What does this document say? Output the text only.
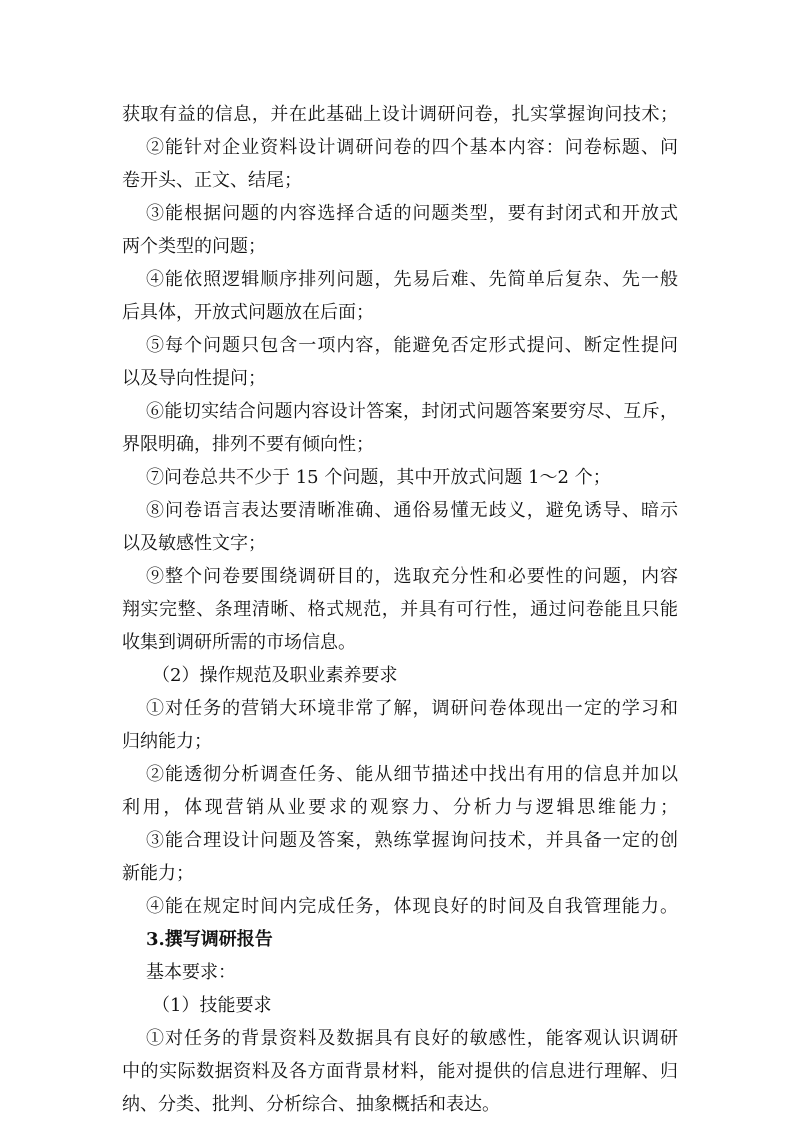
获取有益的信息，并在此基础上设计调研问卷，扎实掌握询问技术；
②能针对企业资料设计调研问卷的四个基本内容：问卷标题、问
卷开头、正文、结尾；
③能根据问题的内容选择合适的问题类型，要有封闭式和开放式
两个类型的问题；
④能依照逻辑顺序排列问题，先易后难、先简单后复杂、先一般
后具体，开放式问题放在后面；
⑤每个问题只包含一项内容，能避免否定形式提问、断定性提问
以及导向性提问；
⑥能切实结合问题内容设计答案，封闭式问题答案要穷尽、互斥，
界限明确，排列不要有倾向性；
⑦问卷总共不少于 15 个问题，其中开放式问题 1～2 个；
⑧问卷语言表达要清晰准确、通俗易懂无歧义，避免诱导、暗示
以及敏感性文字；
⑨整个问卷要围绕调研目的，选取充分性和必要性的问题，内容
翔实完整、条理清晰、格式规范，并具有可行性，通过问卷能且只能
收集到调研所需的市场信息。
（2）操作规范及职业素养要求
①对任务的营销大环境非常了解，调研问卷体现出一定的学习和
归纳能力；
②能透彻分析调查任务、能从细节描述中找出有用的信息并加以
利用，体现营销从业要求的观察力、分析力与逻辑思维能力；
③能合理设计问题及答案，熟练掌握询问技术，并具备一定的创
新能力；
④能在规定时间内完成任务，体现良好的时间及自我管理能力。
3.撰写调研报告
基本要求：
（1）技能要求
①对任务的背景资料及数据具有良好的敏感性，能客观认识调研
中的实际数据资料及各方面背景材料，能对提供的信息进行理解、归
纳、分类、批判、分析综合、抽象概括和表达。
